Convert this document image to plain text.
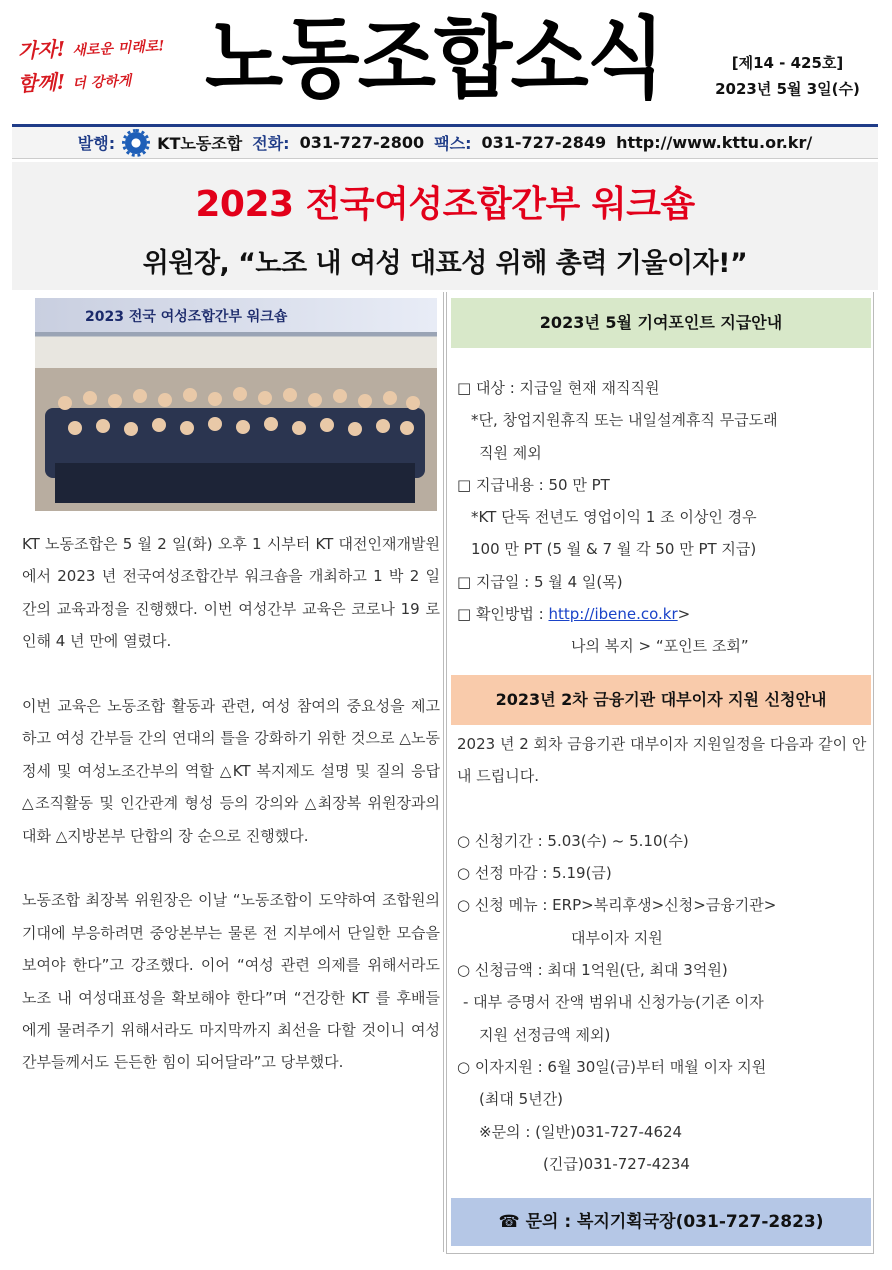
가자! 새로운 미래로!
함께! 더 강하게 노동조합소식	[제14 - 425호]
2023년 5월 3일(수)
발행:	KT노동조합 전화: 031-727-2800 팩스: 031-727-2849 http://www.kttu.or.kr/
2023 전국여성조합간부 워크숍
위원장, “노조 내 여성 대표성 위해 총력 기울이자!”
2023 전국 여성조합간부 워크숍

KT 노동조합은 5 월 2 일(화) 오후 1 시부터 KT 대전인재개발원에서 2023 년 전국여성조합간부 워크숍을 개최하고 1 박 2 일간의 교육과정을 진행했다. 이번 여성간부 교육은 코로나 19 로 인해 4 년 만에 열렸다.

이번 교육은 노동조합 활동과 관련, 여성 참여의 중요성을 제고하고 여성 간부들 간의 연대의 틀을 강화하기 위한 것으로 △노동정세 및 여성노조간부의 역할 △KT 복지제도 설명 및 질의 응답 △조직활동 및 인간관계 형성 등의 강의와 △최장복 위원장과의 대화 △지방본부 단합의 장 순으로 진행했다.

노동조합 최장복 위원장은 이날 “노동조합이 도약하여 조합원의 기대에 부응하려면 중앙본부는 물론 전 지부에서 단일한 모습을 보여야 한다”고 강조했다. 이어 “여성 관련 의제를 위해서라도 노조 내 여성대표성을 확보해야 한다”며 “건강한 KT 를 후배들에게 물려주기 위해서라도 마지막까지 최선을 다할 것이니 여성간부들께서도 든든한 힘이 되어달라”고 당부했다.

2023년 5월 기여포인트 지급안내
□ 대상 : 지급일 현재 재직직원
*단, 창업지원휴직 또는 내일설계휴직 무급도래
직원 제외
□ 지급내용 : 50 만 PT
*KT 단독 전년도 영업이익 1 조 이상인 경우
100 만 PT (5 월 & 7 월 각 50 만 PT 지급)
□ 지급일 : 5 월 4 일(목)
□ 확인방법 : http://ibene.co.kr>
나의 복지 > “포인트 조회”
2023년 2차 금융기관 대부이자 지원 신청안내
2023 년 2 회차 금융기관 대부이자 지원일정을 다음과 같이 안내 드립니다.
○ 신청기간 : 5.03(수) ~ 5.10(수)
○ 선정 마감 : 5.19(금)
○ 신청 메뉴 : ERP>복리후생>신청>금융기관>
대부이자 지원
○ 신청금액 : 최대 1억원(단, 최대 3억원)
- 대부 증명서 잔액 범위내 신청가능(기존 이자
지원 선정금액 제외)
○ 이자지원 : 6월 30일(금)부터 매월 이자 지원
(최대 5년간)
※문의 : (일반)031-727-4624
(긴급)031-727-4234
☎ 문의 : 복지기획국장(031-727-2823)
